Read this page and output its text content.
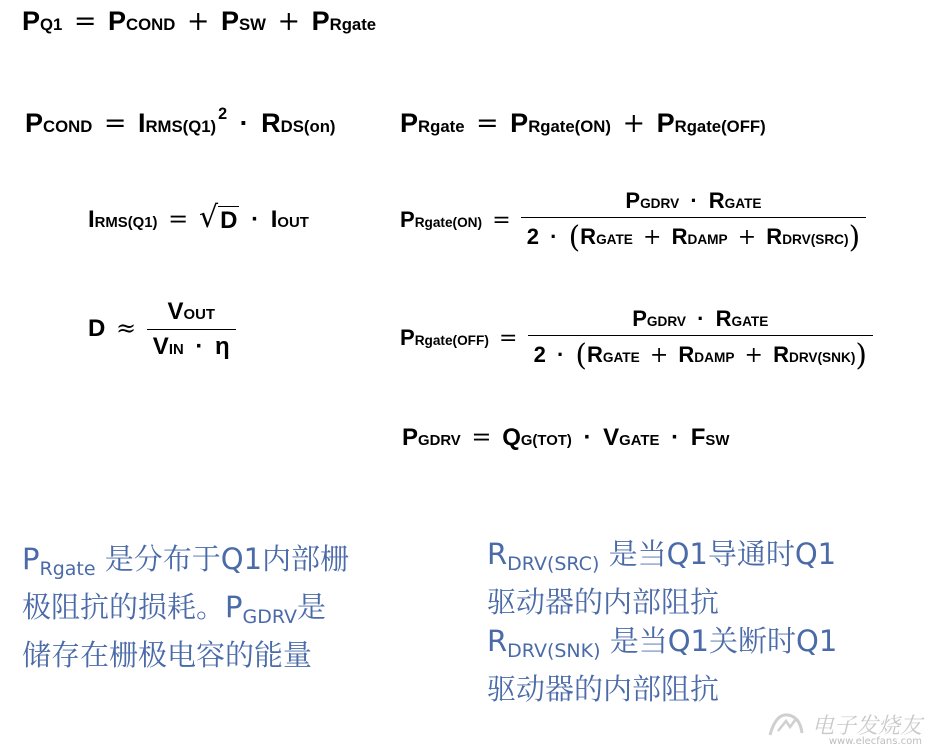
PQ1 = PCOND + PSW + PRgate
PCOND = $IRMS(Q1)^2 \cdot RDS(on)$ PRgate = PRgate(ON) + PRgate(OFF)
IRMS(Q1) = √ D · IOUT	PRgate(ON) =
PGDRV · RGATE
2 · (RGATE + RDAMP + RDRV(SRC))
$D \approx \frac{\text{VOUT}}{\text{VIN · η}}$	PRgate(OFF) =
PGDRV · RGATE
2 · (RGATE + RDAMP + RDRV(SNK))
PGDRV = QG(TOT) · VGATE · FSW
$P_{Rgate}$ 是分布于Q1内部栅
极阻抗的损耗。$P_{GDRV}$是
储存在栅极电容的能量
$R_{DRV(SRC)}$ 是当Q1导通时Q1
驱动器的内部阻抗
$R_{DRV(SNK)}$ 是当Q1关断时Q1
驱动器的内部阻抗
电子发烧友
www.elecfans.com
